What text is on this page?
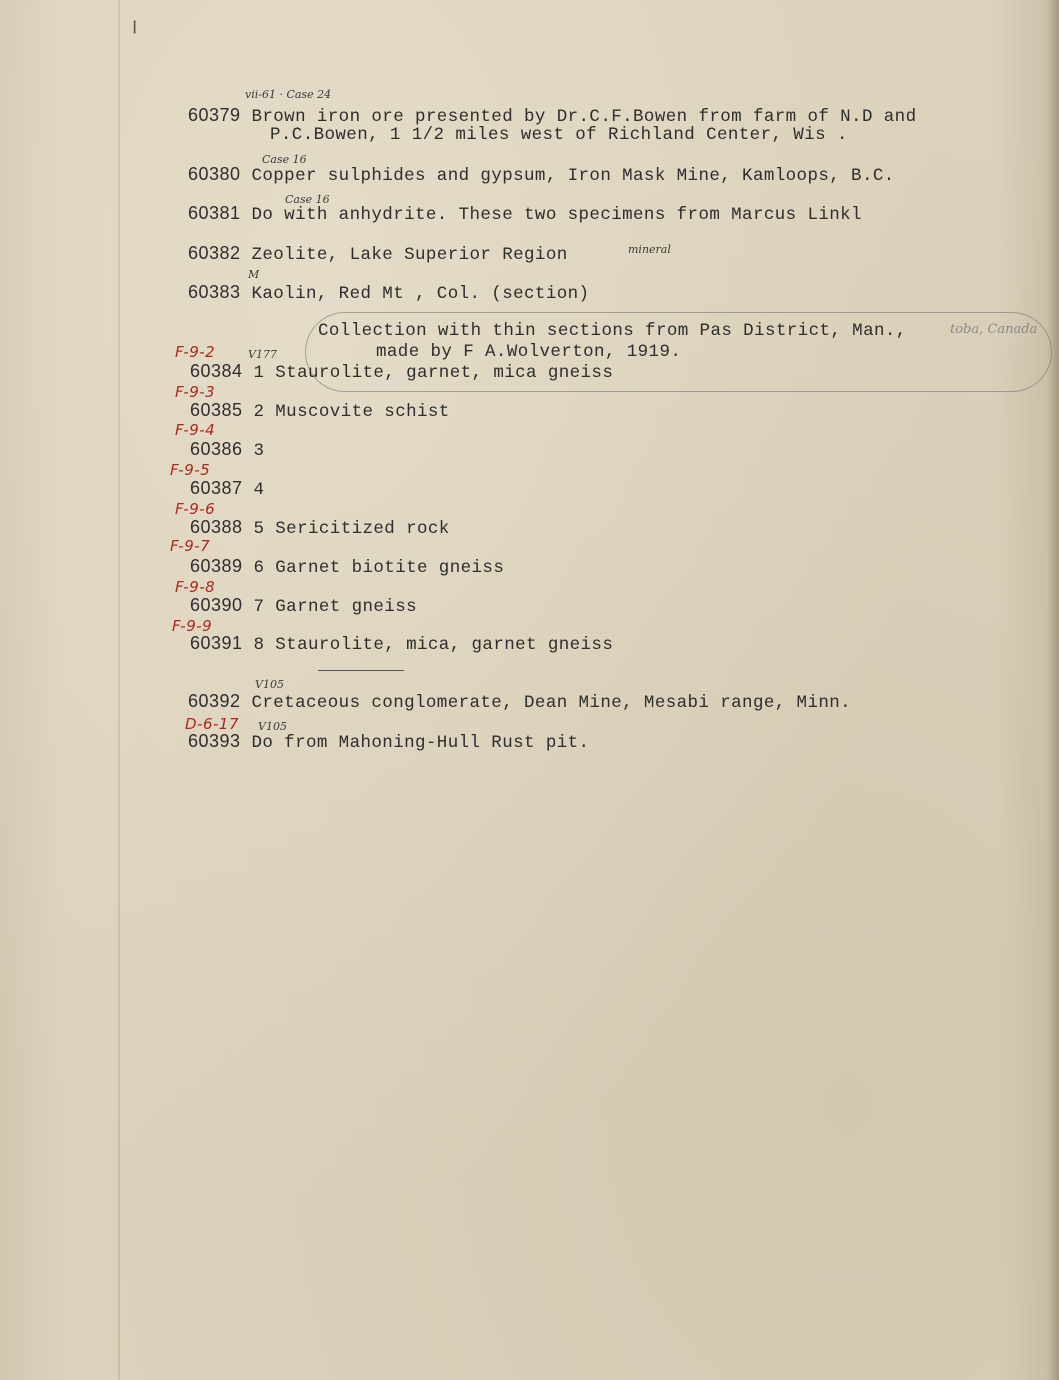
╵
vii-61 · Case 24
60379 Brown iron ore presented by Dr.C.F.Bowen from farm of N.D and
P.C.Bowen, 1 1/2 miles west of Richland Center, Wis .
Case 16
60380 Copper sulphides and gypsum, Iron Mask Mine, Kamloops, B.C.
Case 16
60381 Do with anhydrite. These two specimens from Marcus Linkl
60382 Zeolite, Lake Superior Region	mineral
M
60383 Kaolin, Red Mt , Col. (section)
Collection with thin sections from Pas District, Man.,	toba, Canada
made by F A.Wolverton, 1919.
F-9-2	V177
60384 1 Staurolite, garnet, mica gneiss
F-9-3
60385 2 Muscovite schist
F-9-4
60386 3
F-9-5
60387 4
F-9-6
60388 5 Sericitized rock
F-9-7
60389 6 Garnet biotite gneiss
F-9-8
60390 7 Garnet gneiss
F-9-9
60391 8 Staurolite, mica, garnet gneiss
V105
60392 Cretaceous conglomerate, Dean Mine, Mesabi range, Minn.
D-6-17 V105
60393 Do from Mahoning-Hull Rust pit.
